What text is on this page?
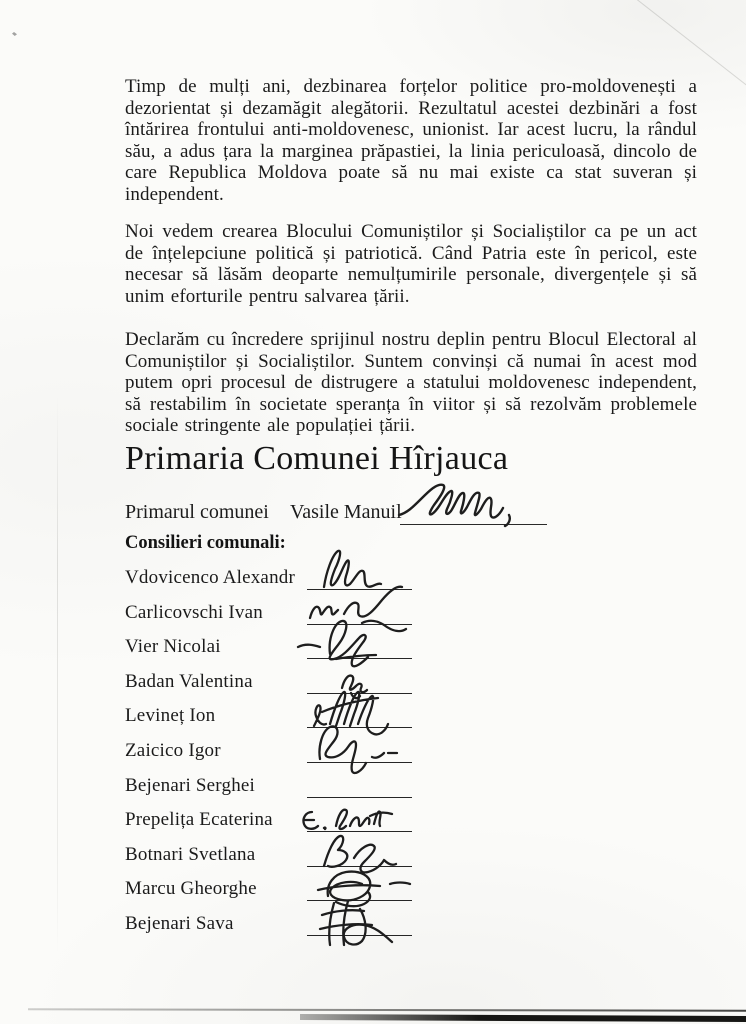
Timp de mulți ani, dezbinarea forțelor politice pro-moldovenești a dezorientat și dezamăgit alegătorii. Rezultatul acestei dezbinări a fost întărirea frontului anti-moldovenesc, unionist. Iar acest lucru, la rândul său, a adus țara la marginea prăpastiei, la linia periculoasă, dincolo de care Republica Moldova poate să nu mai existe ca stat suveran și independent.

Noi vedem crearea Blocului Comuniștilor și Socialiștilor ca pe un act de înțelepciune politică și patriotică. Când Patria este în pericol, este necesar să lăsăm deoparte nemulțumirile personale, divergențele și să unim eforturile pentru salvarea țării.

Declarăm cu încredere sprijinul nostru deplin pentru Blocul Electoral al Comuniștilor și Socialiștilor. Suntem convinși că numai în acest mod putem opri procesul de distrugere a statului moldovenesc independent, să restabilim în societate speranța în viitor și să rezolvăm problemele sociale stringente ale populației țării.

Primaria Comunei Hîrjauca
Primarul comunei Vasile Manuil
Consilieri comunali:
Vdovicenco Alexandr
Carlicovschi Ivan
Vier Nicolai
Badan Valentina
Levineț Ion
Zaicico Igor
Bejenari Serghei
Prepelița Ecaterina
Botnari Svetlana
Marcu Gheorghe
Bejenari Sava
